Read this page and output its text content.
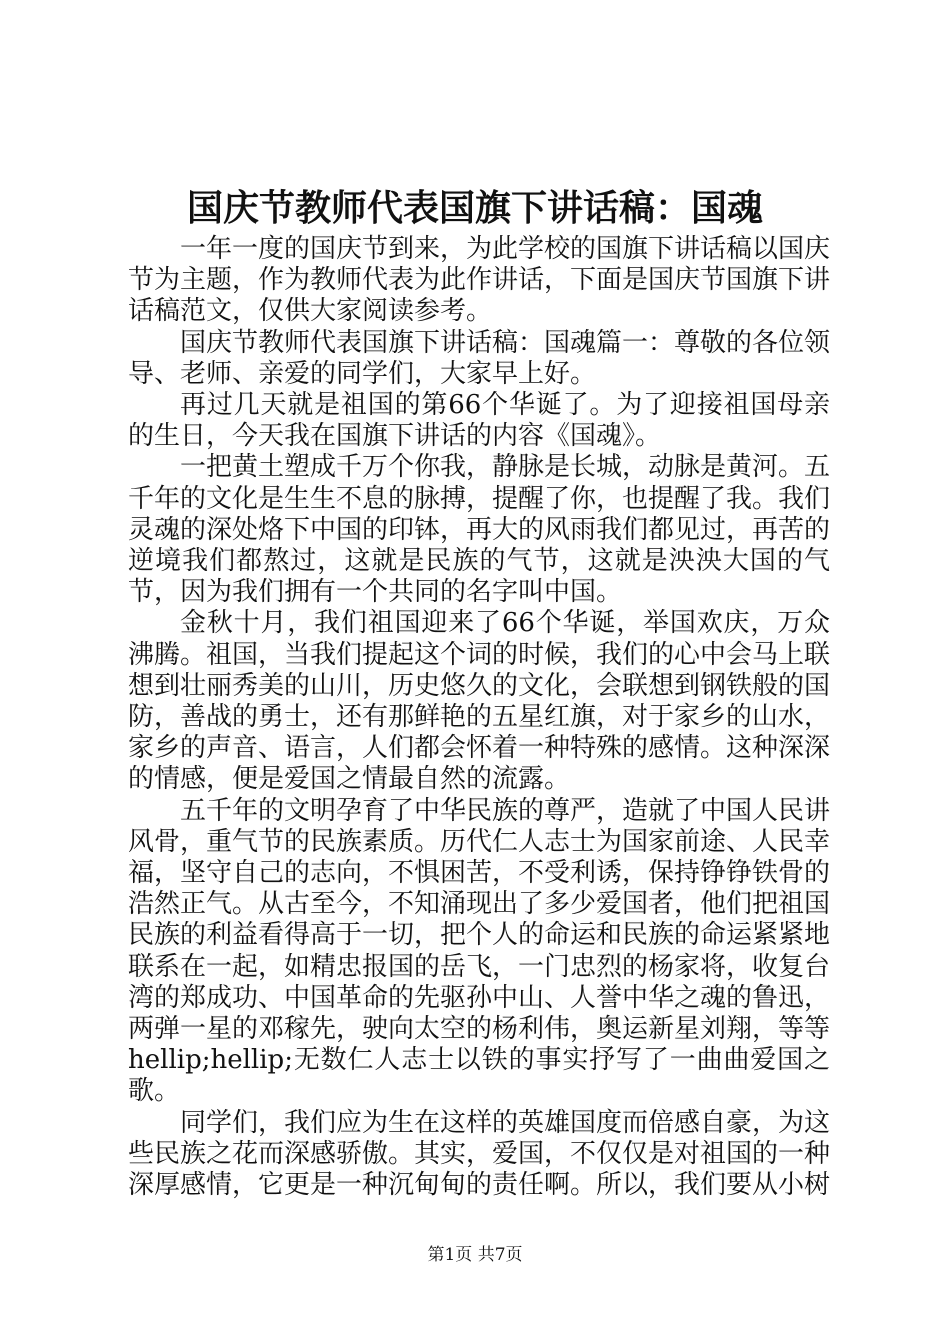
国庆节教师代表国旗下讲话稿：国魂

一年一度的国庆节到来，为此学校的国旗下讲话稿以国庆节为主题，作为教师代表为此作讲话，下面是国庆节国旗下讲话稿范文，仅供大家阅读参考。

国庆节教师代表国旗下讲话稿：国魂篇一：尊敬的各位领导、老师、亲爱的同学们，大家早上好。

再过几天就是祖国的第66个华诞了。为了迎接祖国母亲的生日，今天我在国旗下讲话的内容《国魂》。

一把黄土塑成千万个你我，静脉是长城，动脉是黄河。五千年的文化是生生不息的脉搏，提醒了你，也提醒了我。我们灵魂的深处烙下中国的印钵，再大的风雨我们都见过，再苦的逆境我们都熬过，这就是民族的气节，这就是泱泱大国的气节，因为我们拥有一个共同的名字叫中国。

金秋十月，我们祖国迎来了66个华诞，举国欢庆，万众沸腾。祖国，当我们提起这个词的时候，我们的心中会马上联想到壮丽秀美的山川，历史悠久的文化，会联想到钢铁般的国防，善战的勇士，还有那鲜艳的五星红旗，对于家乡的山水，家乡的声音、语言，人们都会怀着一种特殊的感情。这种深深的情感，便是爱国之情最自然的流露。

五千年的文明孕育了中华民族的尊严，造就了中国人民讲风骨，重气节的民族素质。历代仁人志士为国家前途、人民幸福，坚守自己的志向，不惧困苦，不受利诱，保持铮铮铁骨的浩然正气。从古至今，不知涌现出了多少爱国者，他们把祖国民族的利益看得高于一切，把个人的命运和民族的命运紧紧地联系在一起，如精忠报国的岳飞，一门忠烈的杨家将，收复台湾的郑成功、中国革命的先驱孙中山、人誉中华之魂的鲁迅，两弹一星的邓稼先，驶向太空的杨利伟，奥运新星刘翔，等等hellip;hellip;无数仁人志士以铁的事实抒写了一曲曲爱国之歌。

同学们，我们应为生在这样的英雄国度而倍感自豪，为这些民族之花而深感骄傲。其实，爱国，不仅仅是对祖国的一种深厚感情，它更是一种沉甸甸的责任啊。所以，我们要从小树

第1页 共7页
